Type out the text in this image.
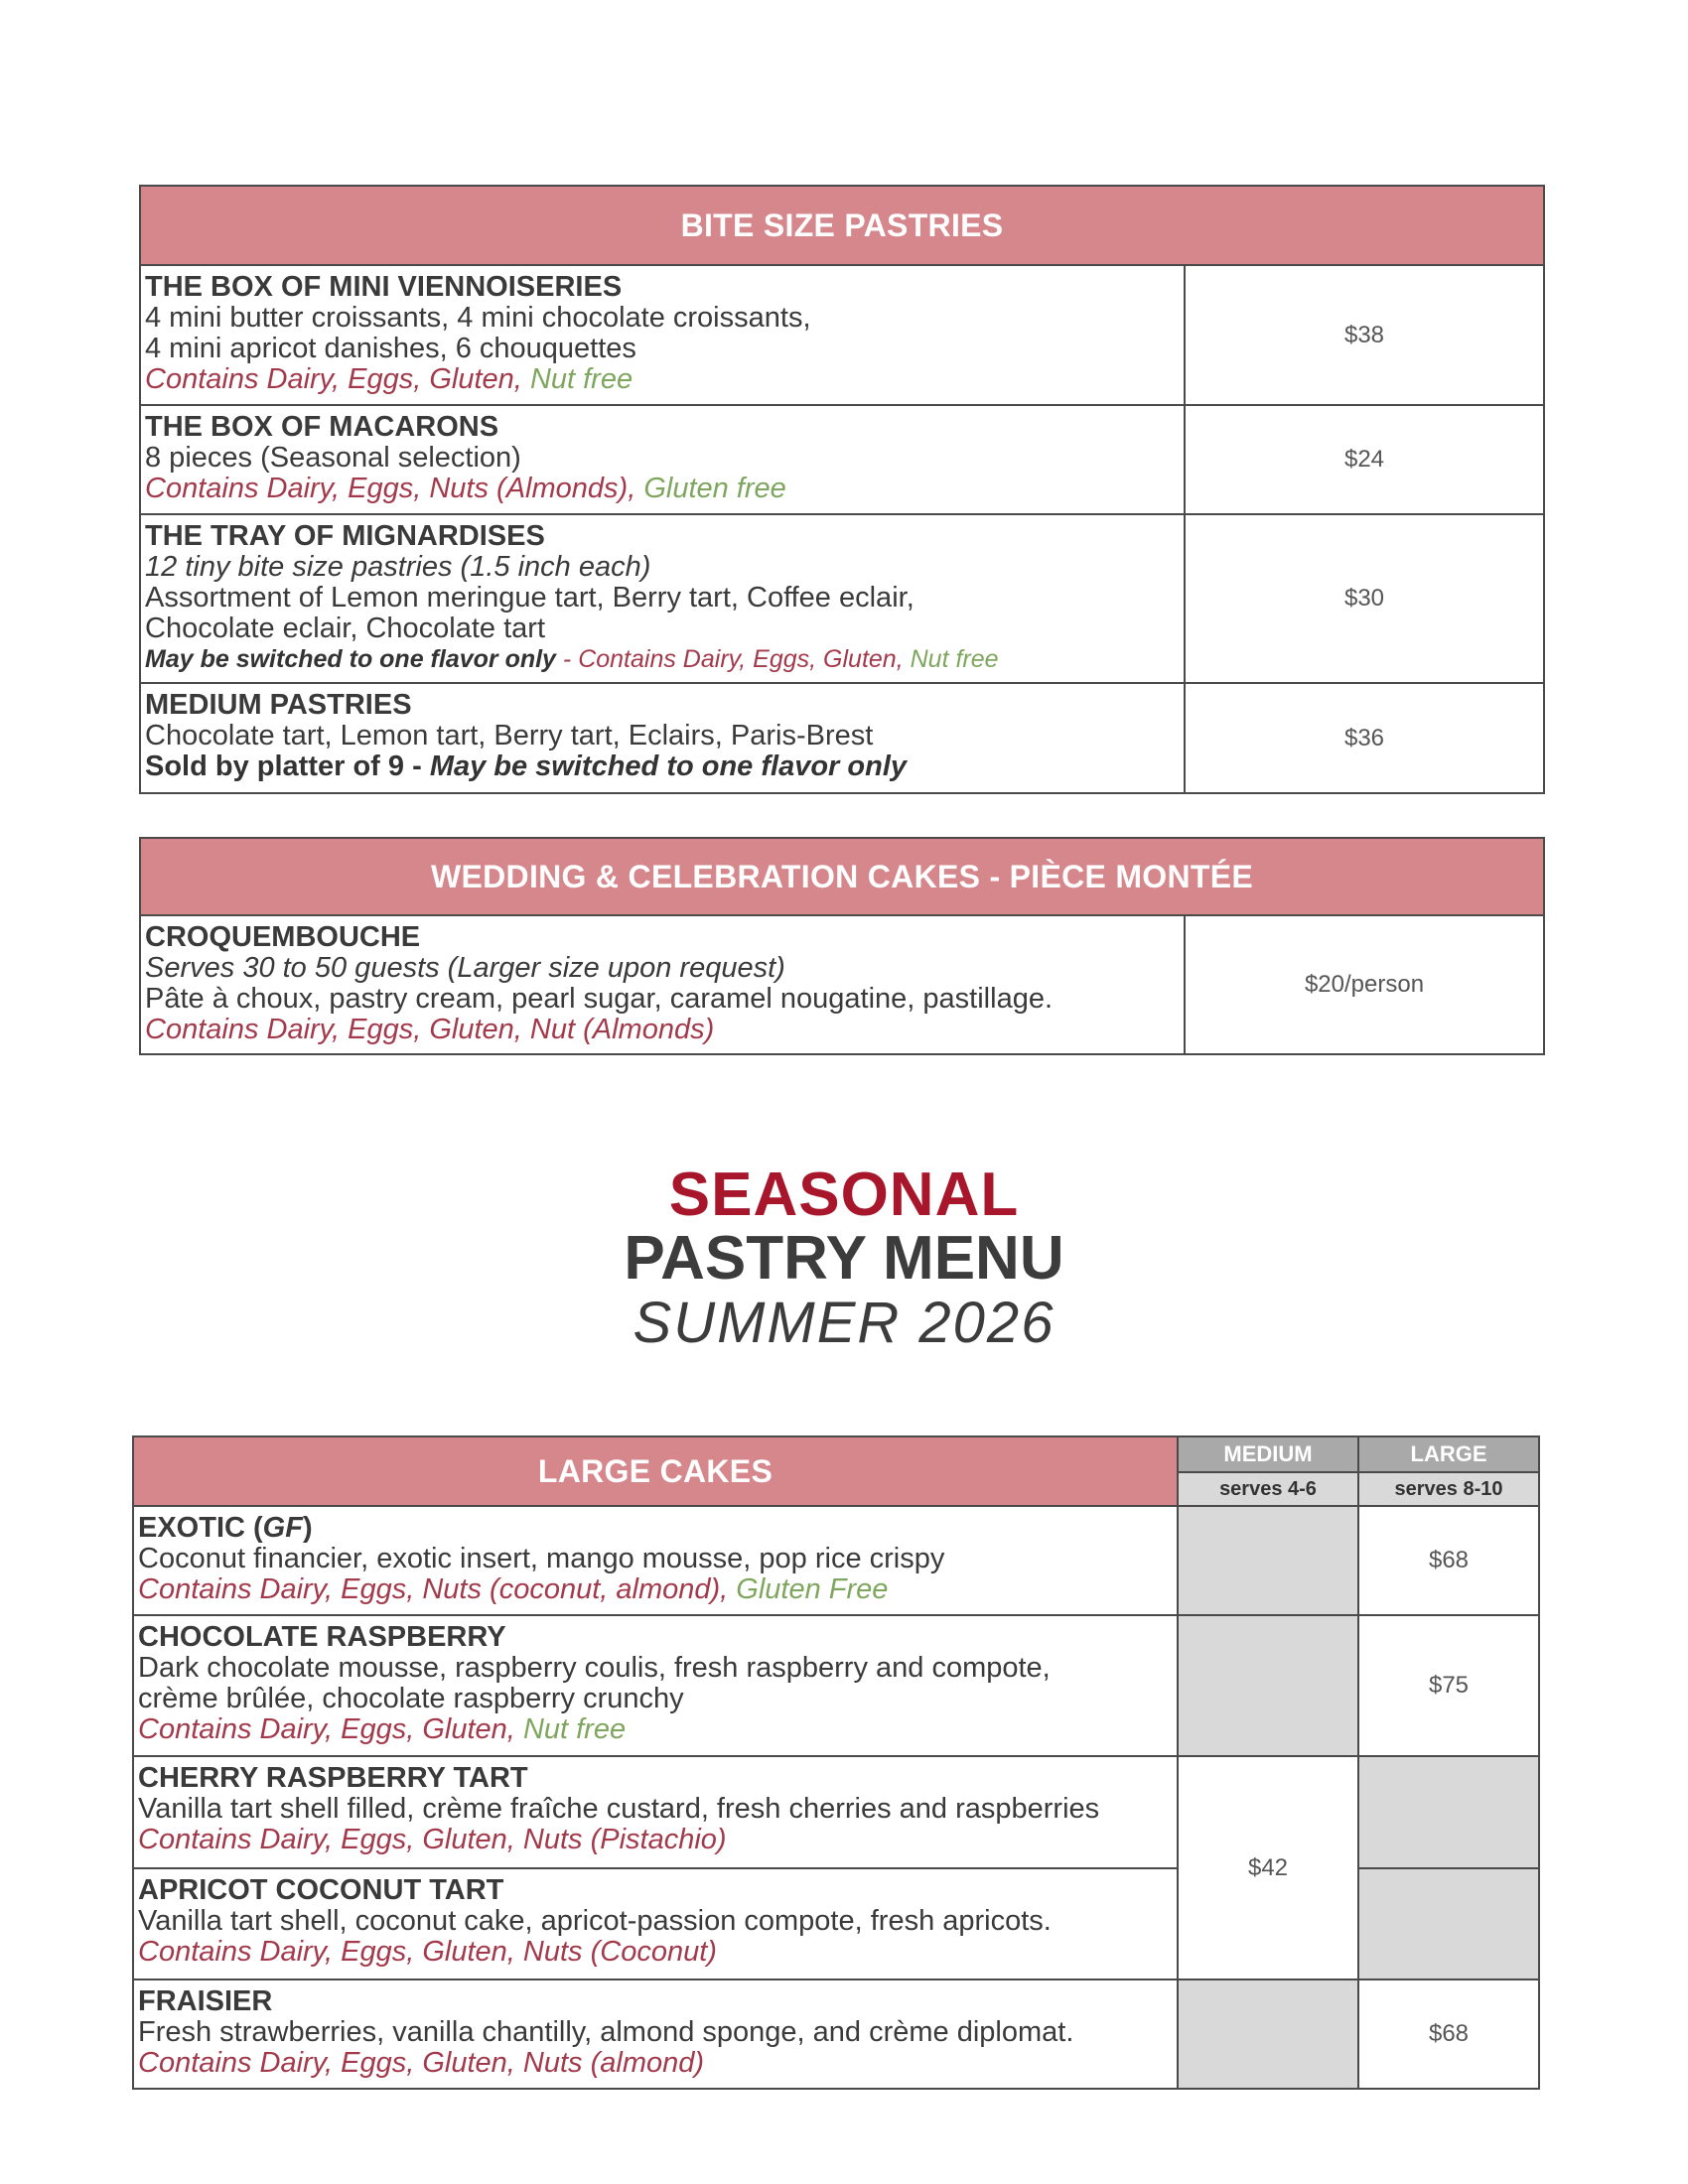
BITE SIZE PASTRIES	

THE BOX OF MINI VIENNOISERIES
4 mini butter croissants, 4 mini chocolate croissants,
4 mini apricot danishes, 6 chouquettes
Contains Dairy, Eggs, Gluten, Nut free	$38

THE BOX OF MACARONS
8 pieces (Seasonal selection)
Contains Dairy, Eggs, Nuts (Almonds), Gluten free	$24

THE TRAY OF MIGNARDISES
12 tiny bite size pastries (1.5 inch each)
Assortment of Lemon meringue tart, Berry tart, Coffee eclair,
Chocolate eclair, Chocolate tart
May be switched to one flavor only - Contains Dairy, Eggs, Gluten, Nut free	$30

MEDIUM PASTRIES
Chocolate tart, Lemon tart, Berry tart, Eclairs, Paris-Brest
Sold by platter of 9 - May be switched to one flavor only	$36
WEDDING & CELEBRATION CAKES - PIÈCE MONTÉE

CROQUEMBOUCHE
Serves 30 to 50 guests (Larger size upon request)
Pâte à choux, pastry cream, pearl sugar, caramel nougatine, pastillage.
Contains Dairy, Eggs, Gluten, Nut (Almonds)
	$20/person
SEASONAL
PASTRY MENU
SUMMER 2026
LARGE CAKES	MEDIUM	LARGE
	serves 4-6	serves 8-10

EXOTIC (GF)
Coconut financier, exotic insert, mango mousse, pop rice crispy
Contains Dairy, Eggs, Nuts (coconut, almond), Gluten Free		$68

CHOCOLATE RASPBERRY
Dark chocolate mousse, raspberry coulis, fresh raspberry and compote,
crème brûlée, chocolate raspberry crunchy
Contains Dairy, Eggs, Gluten, Nut free		$75

CHERRY RASPBERRY TART
Vanilla tart shell filled, crème fraîche custard, fresh cherries and raspberries
Contains Dairy, Eggs, Gluten, Nuts (Pistachio)	$42	

APRICOT COCONUT TART
Vanilla tart shell, coconut cake, apricot-passion compote, fresh apricots.
Contains Dairy, Eggs, Gluten, Nuts (Coconut)		

FRAISIER
Fresh strawberries, vanilla chantilly, almond sponge, and crème diplomat.
Contains Dairy, Eggs, Gluten, Nuts (almond)		$68
